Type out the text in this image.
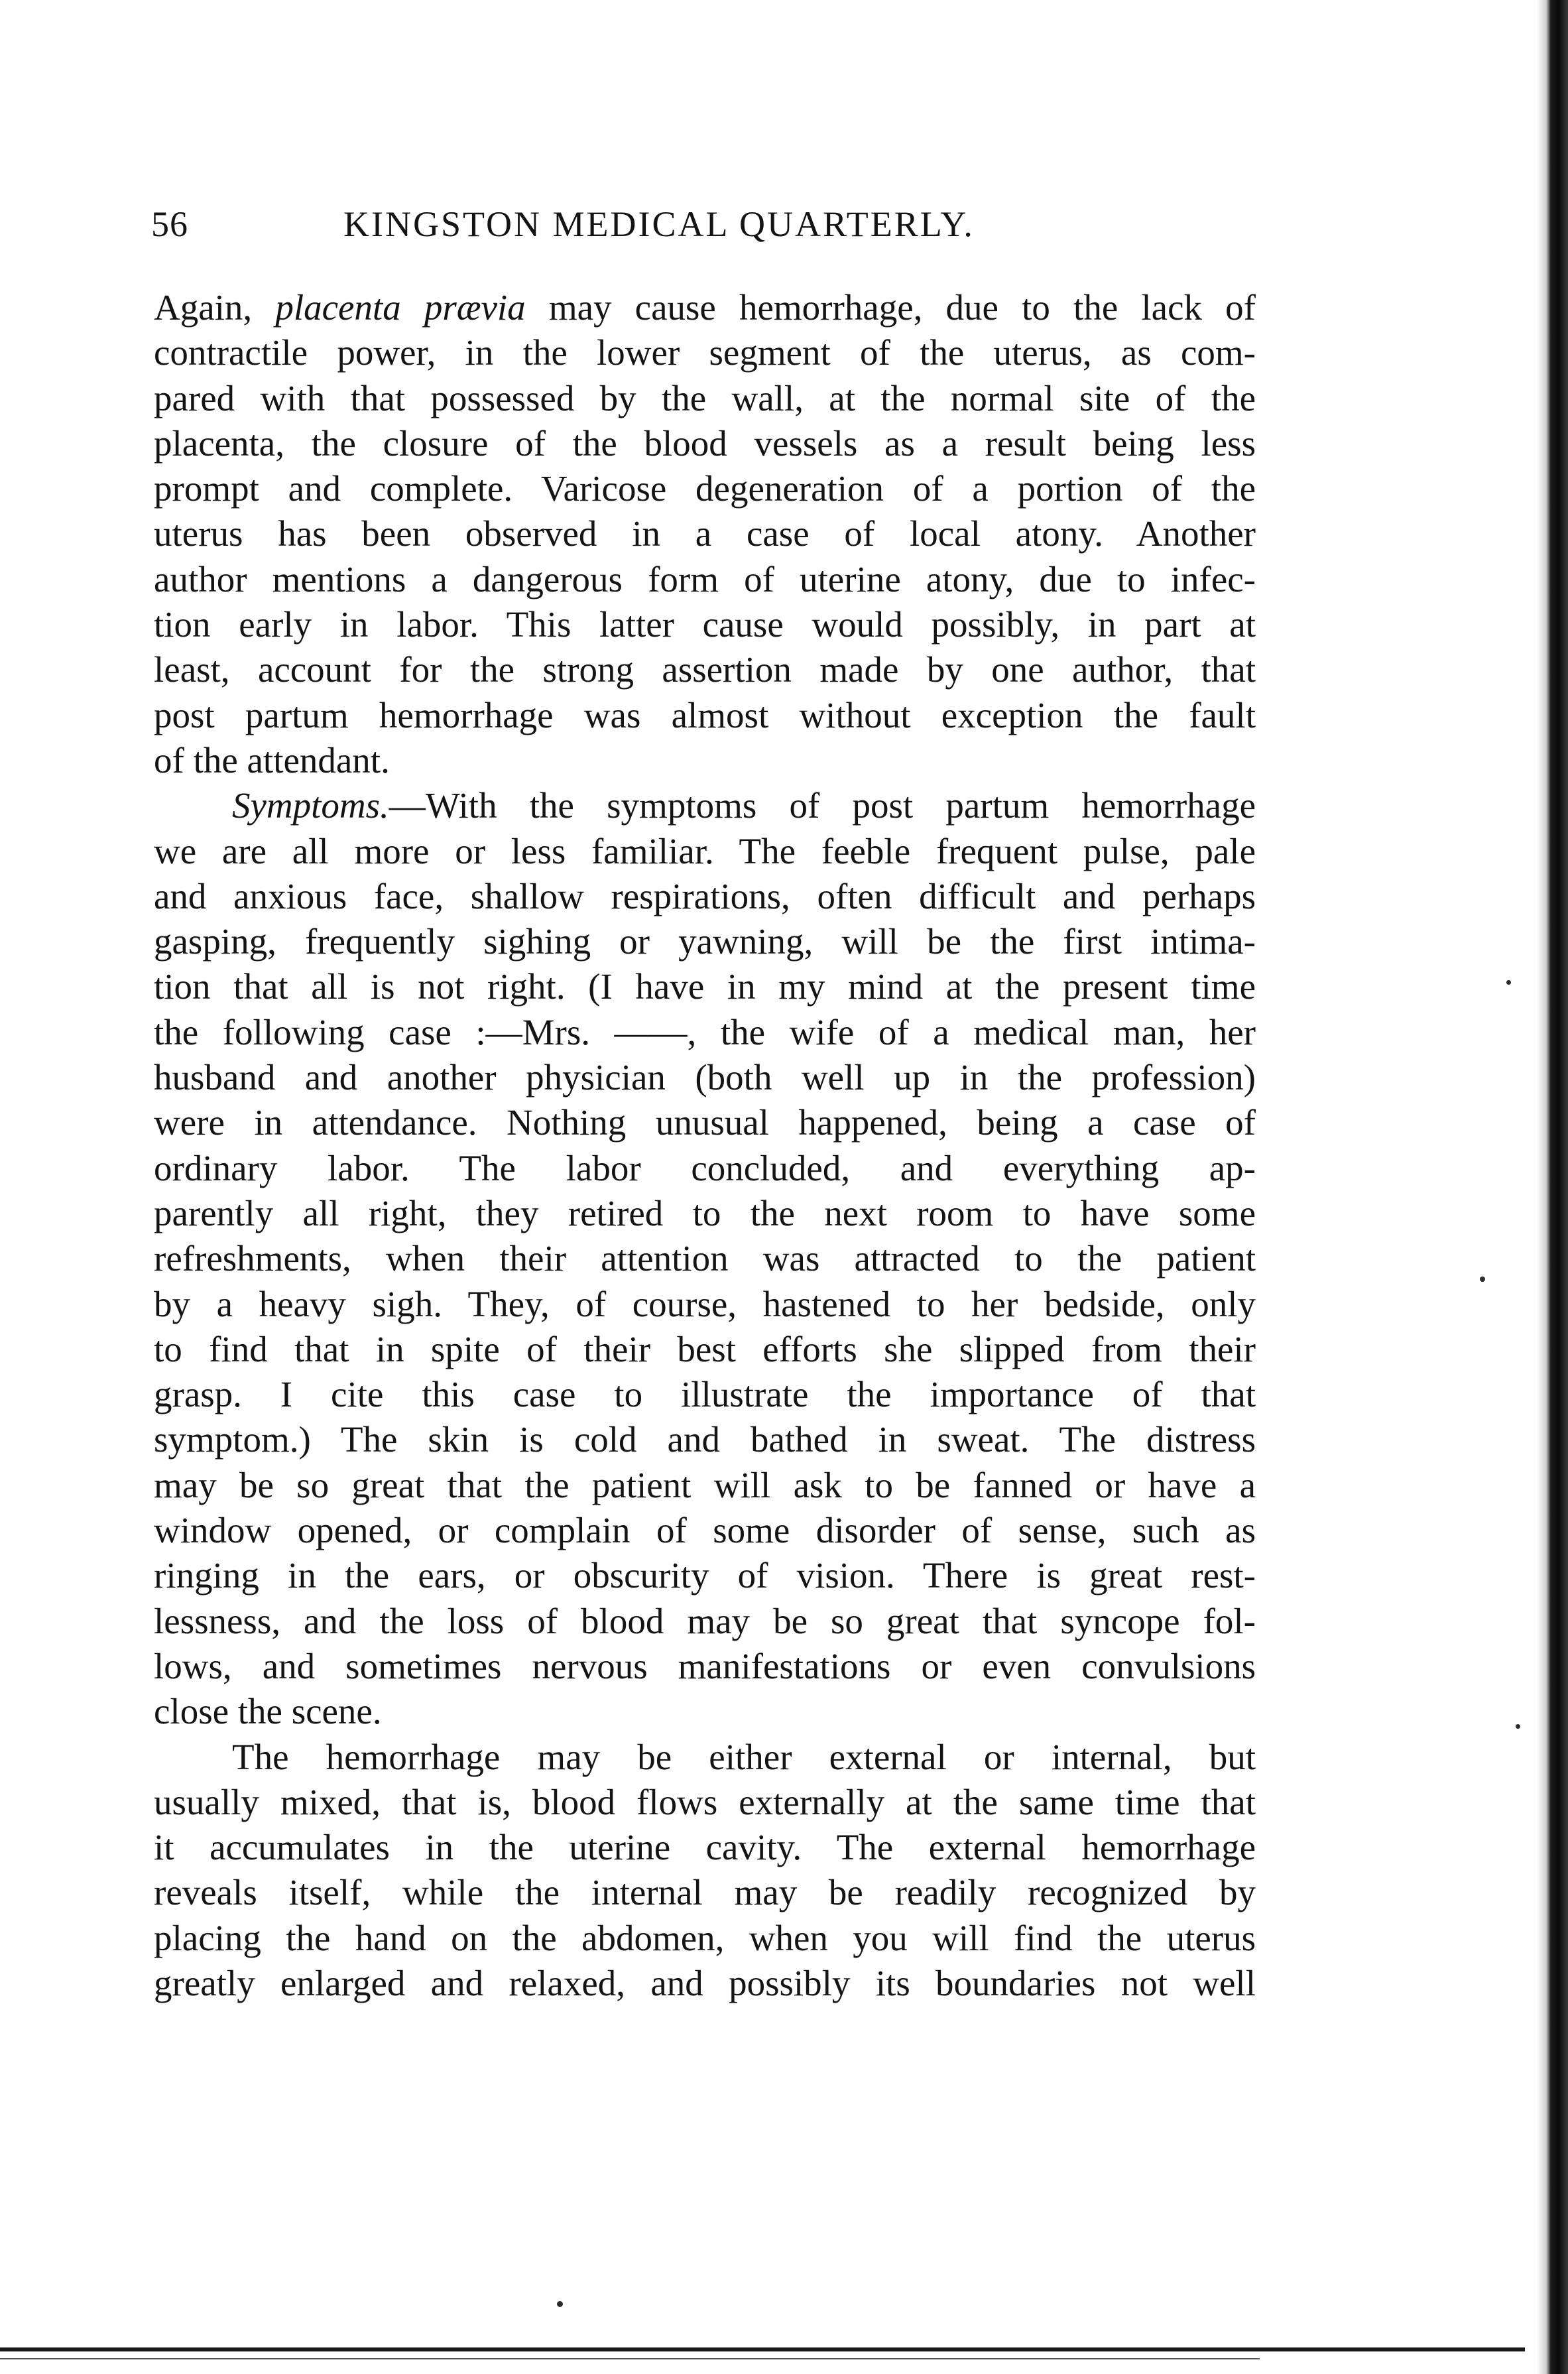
56	KINGSTON MEDICAL QUARTERLY.
Again, placenta prævia may cause hemorrhage, due to the lack of
contractile power, in the lower segment of the uterus, as com-
pared with that possessed by the wall, at the normal site of the
placenta, the closure of the blood vessels as a result being less
prompt and complete. Varicose degeneration of a portion of the
uterus has been observed in a case of local atony. Another
author mentions a dangerous form of uterine atony, due to infec-
tion early in labor. This latter cause would possibly, in part at
least, account for the strong assertion made by one author, that
post partum hemorrhage was almost without exception the fault
of the attendant.
Symptoms.—With the symptoms of post partum hemorrhage
we are all more or less familiar. The feeble frequent pulse, pale
and anxious face, shallow respirations, often difficult and perhaps
gasping, frequently sighing or yawning, will be the first intima-
tion that all is not right. (I have in my mind at the present time
the following case :—Mrs. ——, the wife of a medical man, her
husband and another physician (both well up in the profession)
were in attendance. Nothing unusual happened, being a case of
ordinary labor. The labor concluded, and everything ap-
parently all right, they retired to the next room to have some
refreshments, when their attention was attracted to the patient
by a heavy sigh. They, of course, hastened to her bedside, only
to find that in spite of their best efforts she slipped from their
grasp. I cite this case to illustrate the importance of that
symptom.) The skin is cold and bathed in sweat. The distress
may be so great that the patient will ask to be fanned or have a
window opened, or complain of some disorder of sense, such as
ringing in the ears, or obscurity of vision. There is great rest-
lessness, and the loss of blood may be so great that syncope fol-
lows, and sometimes nervous manifestations or even convulsions
close the scene.
The hemorrhage may be either external or internal, but
usually mixed, that is, blood flows externally at the same time that
it accumulates in the uterine cavity. The external hemorrhage
reveals itself, while the internal may be readily recognized by
placing the hand on the abdomen, when you will find the uterus
greatly enlarged and relaxed, and possibly its boundaries not well
